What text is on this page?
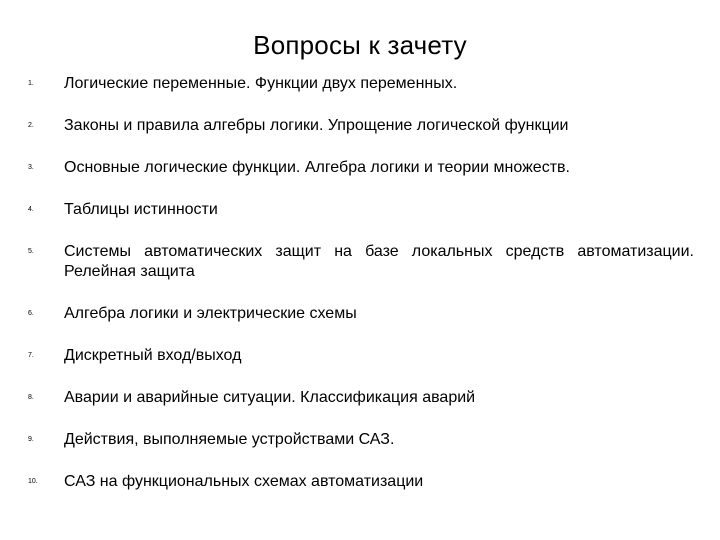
Вопросы к зачету
1. Логические переменные. Функции двух переменных.
2. Законы и правила алгебры логики. Упрощение логической функции
3. Основные логические функции. Алгебра логики и теории множеств.
4. Таблицы истинности
5. Системы автоматических защит на базе локальных средств автоматизации. Релейная защита
6. Алгебра логики и электрические схемы
7. Дискретный вход/выход
8. Аварии и аварийные ситуации. Классификация аварий
9. Действия, выполняемые устройствами САЗ.
10. САЗ на функциональных схемах автоматизации
